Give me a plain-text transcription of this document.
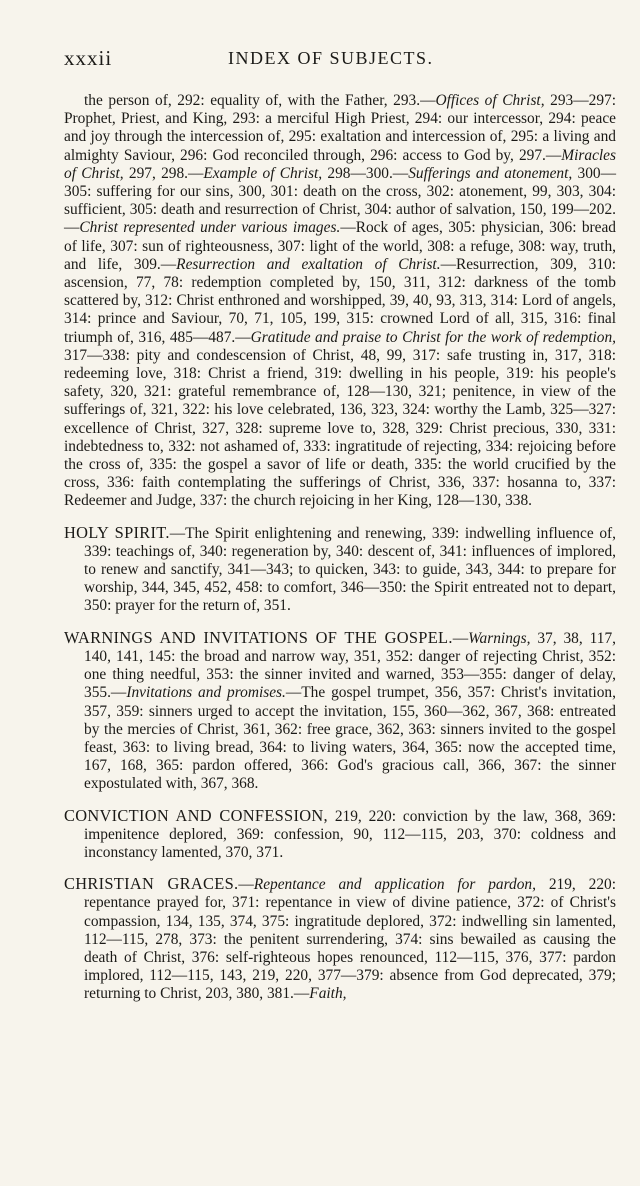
xxxii	INDEX OF SUBJECTS.

the person of, 292: equality of, with the Father, 293.—Offices of Christ, 293—297: Prophet, Priest, and King, 293: a merciful High Priest, 294: our intercessor, 294: peace and joy through the intercession of, 295: exaltation and intercession of, 295: a living and almighty Saviour, 296: God reconciled through, 296: access to God by, 297.—Miracles of Christ, 297, 298.—Example of Christ, 298—300.—Sufferings and atonement, 300—305: suffering for our sins, 300, 301: death on the cross, 302: atonement, 99, 303, 304: sufficient, 305: death and resurrection of Christ, 304: author of salvation, 150, 199—202.—Christ represented under various images.—Rock of ages, 305: physician, 306: bread of life, 307: sun of righteousness, 307: light of the world, 308: a refuge, 308: way, truth, and life, 309.—Resurrection and exaltation of Christ.—Resurrection, 309, 310: ascension, 77, 78: redemption completed by, 150, 311, 312: darkness of the tomb scattered by, 312: Christ enthroned and worshipped, 39, 40, 93, 313, 314: Lord of angels, 314: prince and Saviour, 70, 71, 105, 199, 315: crowned Lord of all, 315, 316: final triumph of, 316, 485—487.—Gratitude and praise to Christ for the work of redemption, 317—338: pity and condescension of Christ, 48, 99, 317: safe trusting in, 317, 318: redeeming love, 318: Christ a friend, 319: dwelling in his people, 319: his people's safety, 320, 321: grateful remembrance of, 128—130, 321; penitence, in view of the sufferings of, 321, 322: his love celebrated, 136, 323, 324: worthy the Lamb, 325—327: excellence of Christ, 327, 328: supreme love to, 328, 329: Christ precious, 330, 331: indebtedness to, 332: not ashamed of, 333: ingratitude of rejecting, 334: rejoicing before the cross of, 335: the gospel a savor of life or death, 335: the world crucified by the cross, 336: faith contemplating the sufferings of Christ, 336, 337: hosanna to, 337: Redeemer and Judge, 337: the church rejoicing in her King, 128—130, 338.

HOLY SPIRIT.—The Spirit enlightening and renewing, 339: indwelling influence of, 339: teachings of, 340: regeneration by, 340: descent of, 341: influences of implored, to renew and sanctify, 341—343; to quicken, 343: to guide, 343, 344: to prepare for worship, 344, 345, 452, 458: to comfort, 346—350: the Spirit entreated not to depart, 350: prayer for the return of, 351.

WARNINGS AND INVITATIONS OF THE GOSPEL.—Warnings, 37, 38, 117, 140, 141, 145: the broad and narrow way, 351, 352: danger of rejecting Christ, 352: one thing needful, 353: the sinner invited and warned, 353—355: danger of delay, 355.—Invitations and promises.—The gospel trumpet, 356, 357: Christ's invitation, 357, 359: sinners urged to accept the invitation, 155, 360—362, 367, 368: entreated by the mercies of Christ, 361, 362: free grace, 362, 363: sinners invited to the gospel feast, 363: to living bread, 364: to living waters, 364, 365: now the accepted time, 167, 168, 365: pardon offered, 366: God's gracious call, 366, 367: the sinner expostulated with, 367, 368.

CONVICTION AND CONFESSION, 219, 220: conviction by the law, 368, 369: impenitence deplored, 369: confession, 90, 112—115, 203, 370: coldness and inconstancy lamented, 370, 371.

CHRISTIAN GRACES.—Repentance and application for pardon, 219, 220: repentance prayed for, 371: repentance in view of divine patience, 372: of Christ's compassion, 134, 135, 374, 375: ingratitude deplored, 372: indwelling sin lamented, 112—115, 278, 373: the penitent surrendering, 374: sins bewailed as causing the death of Christ, 376: self-righteous hopes renounced, 112—115, 376, 377: pardon implored, 112—115, 143, 219, 220, 377—379: absence from God deprecated, 379; returning to Christ, 203, 380, 381.—Faith,
